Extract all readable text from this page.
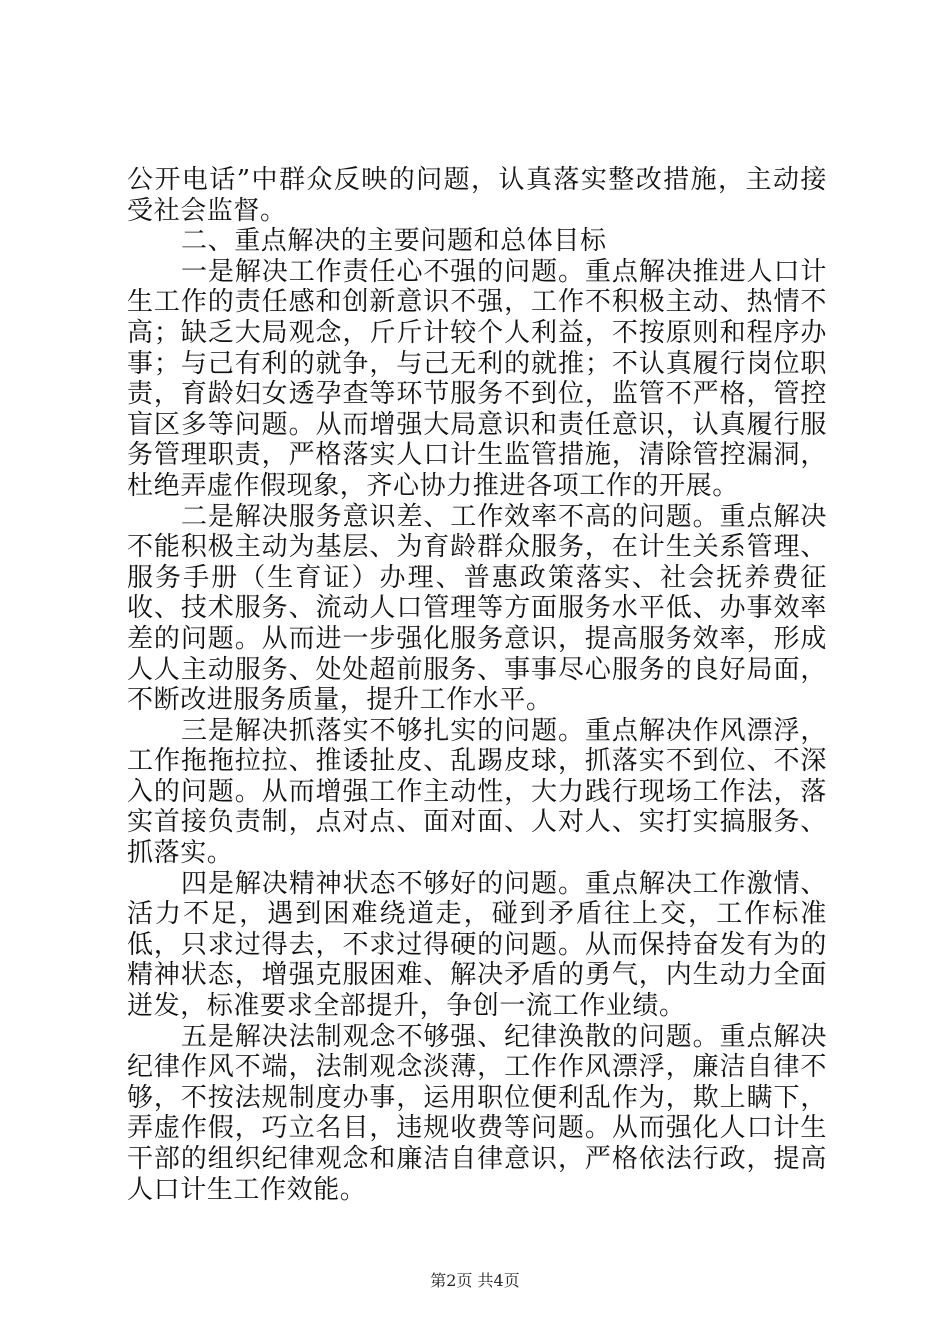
公开电话”中群众反映的问题，认真落实整改措施，主动接受社会监督。

二、重点解决的主要问题和总体目标

一是解决工作责任心不强的问题。重点解决推进人口计生工作的责任感和创新意识不强，工作不积极主动、热情不高；缺乏大局观念，斤斤计较个人利益，不按原则和程序办事；与己有利的就争，与己无利的就推；不认真履行岗位职责，育龄妇女透孕查等环节服务不到位，监管不严格，管控盲区多等问题。从而增强大局意识和责任意识，认真履行服务管理职责，严格落实人口计生监管措施，清除管控漏洞，杜绝弄虚作假现象，齐心协力推进各项工作的开展。

二是解决服务意识差、工作效率不高的问题。重点解决不能积极主动为基层、为育龄群众服务，在计生关系管理、服务手册（生育证）办理、普惠政策落实、社会抚养费征收、技术服务、流动人口管理等方面服务水平低、办事效率差的问题。从而进一步强化服务意识，提高服务效率，形成人人主动服务、处处超前服务、事事尽心服务的良好局面，不断改进服务质量，提升工作水平。

三是解决抓落实不够扎实的问题。重点解决作风漂浮，工作拖拖拉拉、推诿扯皮、乱踢皮球，抓落实不到位、不深入的问题。从而增强工作主动性，大力践行现场工作法，落实首接负责制，点对点、面对面、人对人、实打实搞服务、抓落实。

四是解决精神状态不够好的问题。重点解决工作激情、活力不足，遇到困难绕道走，碰到矛盾往上交，工作标准低，只求过得去，不求过得硬的问题。从而保持奋发有为的精神状态，增强克服困难、解决矛盾的勇气，内生动力全面迸发，标准要求全部提升，争创一流工作业绩。

五是解决法制观念不够强、纪律涣散的问题。重点解决纪律作风不端，法制观念淡薄，工作作风漂浮，廉洁自律不够，不按法规制度办事，运用职位便利乱作为，欺上瞒下，弄虚作假，巧立名目，违规收费等问题。从而强化人口计生干部的组织纪律观念和廉洁自律意识，严格依法行政，提高人口计生工作效能。

第2页 共4页
